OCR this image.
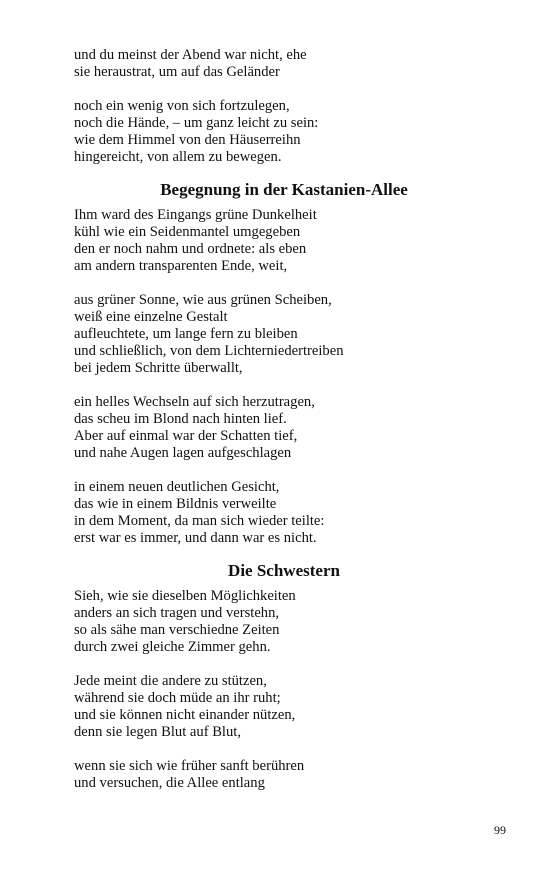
und du meinst der Abend war nicht, ehe
sie heraustrat, um auf das Geländer
noch ein wenig von sich fortzulegen,
noch die Hände, – um ganz leicht zu sein:
wie dem Himmel von den Häuserreihn
hingereicht, von allem zu bewegen.
Begegnung in der Kastanien-Allee
Ihm ward des Eingangs grüne Dunkelheit
kühl wie ein Seidenmantel umgegeben
den er noch nahm und ordnete: als eben
am andern transparenten Ende, weit,
aus grüner Sonne, wie aus grünen Scheiben,
weiß eine einzelne Gestalt
aufleuchtete, um lange fern zu bleiben
und schließlich, von dem Lichterniedertreiben
bei jedem Schritte überwallt,
ein helles Wechseln auf sich herzutragen,
das scheu im Blond nach hinten lief.
Aber auf einmal war der Schatten tief,
und nahe Augen lagen aufgeschlagen
in einem neuen deutlichen Gesicht,
das wie in einem Bildnis verweilte
in dem Moment, da man sich wieder teilte:
erst war es immer, und dann war es nicht.
Die Schwestern
Sieh, wie sie dieselben Möglichkeiten
anders an sich tragen und verstehn,
so als sähe man verschiedne Zeiten
durch zwei gleiche Zimmer gehn.
Jede meint die andere zu stützen,
während sie doch müde an ihr ruht;
und sie können nicht einander nützen,
denn sie legen Blut auf Blut,
wenn sie sich wie früher sanft berühren
und versuchen, die Allee entlang
99
